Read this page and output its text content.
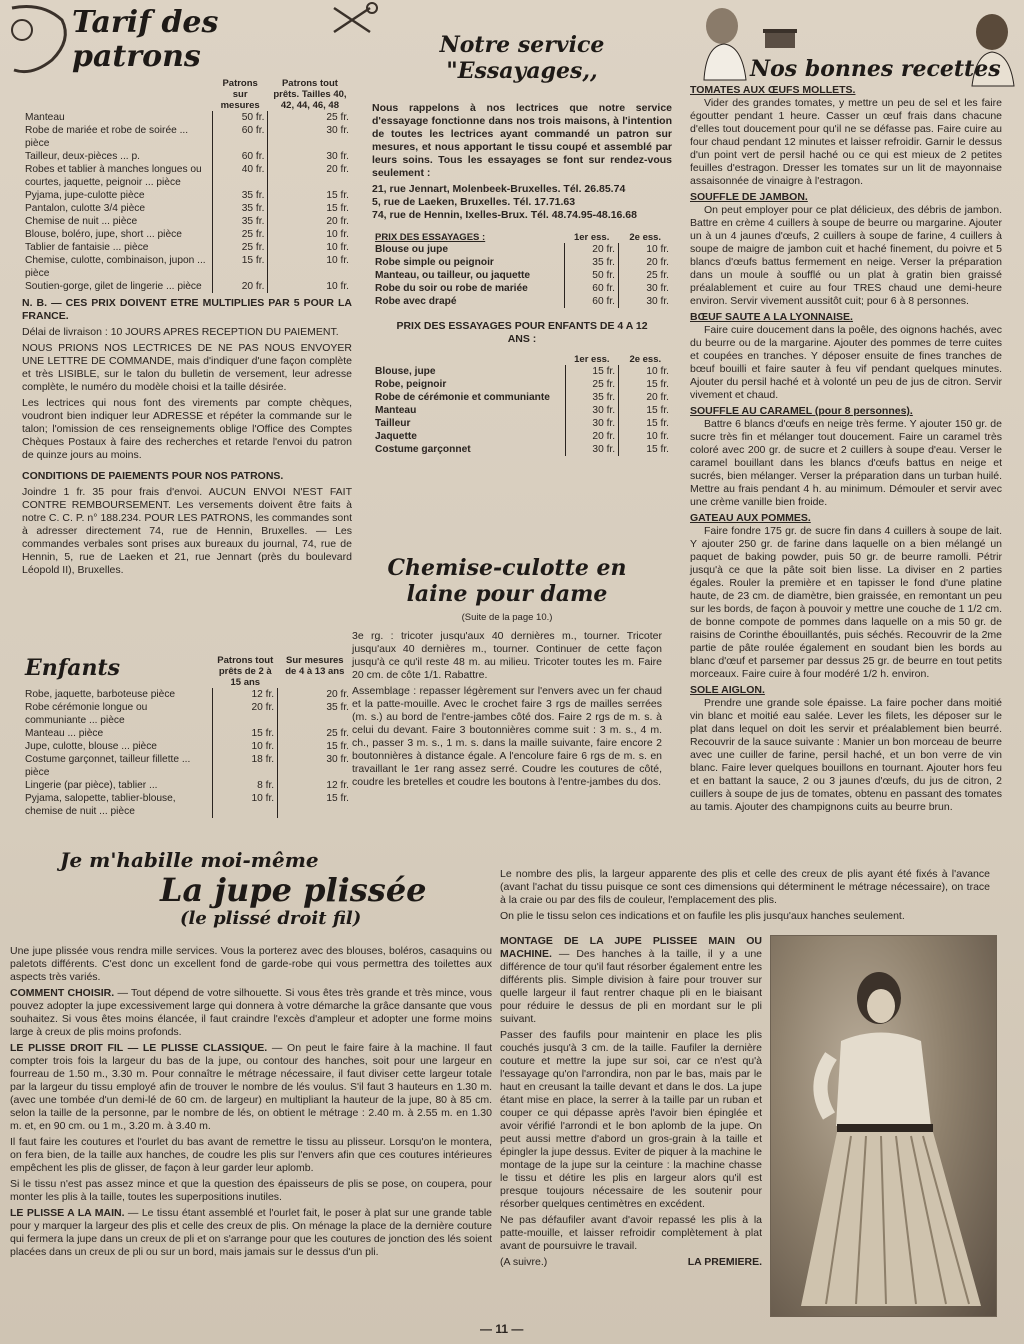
Tarif des patrons
	Patrons sur mesures	Patrons tout prêts. Tailles 40, 42, 44, 46, 48
Manteau	50 fr.	25 fr.
Robe de mariée et robe de soirée ... pièce	60 fr.	30 fr.
Tailleur, deux-pièces ... p.	60 fr.	30 fr.
Robes et tablier à manches longues ou courtes, jaquette, peignoir ... pièce	40 fr.	20 fr.
Pyjama, jupe-culotte pièce	35 fr.	15 fr.
Pantalon, culotte 3/4 pièce	35 fr.	15 fr.
Chemise de nuit ... pièce	35 fr.	20 fr.
Blouse, boléro, jupe, short ... pièce	25 fr.	10 fr.
Tablier de fantaisie ... pièce	25 fr.	10 fr.
Chemise, culotte, combinaison, jupon ... pièce	15 fr.	10 fr.
Soutien-gorge, gilet de lingerie ... pièce	20 fr.	10 fr.

N. B. — CES PRIX DOIVENT ETRE MULTIPLIES PAR 5 POUR LA FRANCE.

Délai de livraison : 10 JOURS APRES RECEPTION DU PAIEMENT.

NOUS PRIONS NOS LECTRICES DE NE PAS NOUS ENVOYER UNE LETTRE DE COMMANDE, mais d'indiquer d'une façon complète et très LISIBLE, sur le talon du bulletin de versement, leur adresse complète, le numéro du modèle choisi et la taille désirée.

Les lectrices qui nous font des virements par compte chèques, voudront bien indiquer leur ADRESSE et répéter la commande sur le talon; l'omission de ces renseignements oblige l'Office des Comptes Chèques Postaux à faire des recherches et retarde l'envoi du patron de quinze jours au moins.

CONDITIONS DE PAIEMENTS POUR NOS PATRONS.

Joindre 1 fr. 35 pour frais d'envoi. AUCUN ENVOI N'EST FAIT CONTRE REMBOURSEMENT. Les versements doivent être faits à notre C. C. P. n° 188.234. POUR LES PATRONS, les commandes sont à adresser directement 74, rue de Hennin, Bruxelles. — Les commandes verbales sont prises aux bureaux du journal, 74, rue de Hennin, 5, rue de Laeken et 21, rue Jennart (près du boulevard Léopold II), Bruxelles.

Enfants	Patrons tout prêts de 2 à 15 ans	Sur mesures de 4 à 13 ans
Robe, jaquette, barboteuse pièce	12 fr.	20 fr.
Robe cérémonie longue ou communiante ... pièce	20 fr.	35 fr.
Manteau ... pièce	15 fr.	25 fr.
Jupe, culotte, blouse ... pièce	10 fr.	15 fr.
Costume garçonnet, tailleur fillette ... pièce	18 fr.	30 fr.
Lingerie (par pièce), tablier ...	8 fr.	12 fr.
Pyjama, salopette, tablier-blouse, chemise de nuit ... pièce	10 fr.	15 fr.
Notre service
"Essayages,,

Nous rappelons à nos lectrices que notre service d'essayage fonctionne dans nos trois maisons, à l'intention de toutes les lectrices ayant commandé un patron sur mesures, et nous apportant le tissu coupé et assemblé par leurs soins. Tous les essayages se font sur rendez-vous seulement :

21, rue Jennart, Molenbeek-Bruxelles. Tél. 26.85.74
5, rue de Laeken, Bruxelles. Tél. 17.71.63
74, rue de Hennin, Ixelles-Brux. Tél. 48.74.95-48.16.68
PRIX DES ESSAYAGES :	1er ess.	2e ess.
Blouse ou jupe	20 fr.	10 fr.
Robe simple ou peignoir	35 fr.	20 fr.
Manteau, ou tailleur, ou jaquette	50 fr.	25 fr.
Robe du soir ou robe de mariée	60 fr.	30 fr.
Robe avec drapé	60 fr.	30 fr.

PRIX DES ESSAYAGES POUR ENFANTS DE 4 A 12 ANS :

	1er ess.	2e ess.
Blouse, jupe	15 fr.	10 fr.
Robe, peignoir	25 fr.	15 fr.
Robe de cérémonie et communiante	35 fr.	20 fr.
Manteau	30 fr.	15 fr.
Tailleur	30 fr.	15 fr.
Jaquette	20 fr.	10 fr.
Costume garçonnet	30 fr.	15 fr.
Chemise-culotte en
laine pour dame
(Suite de la page 10.)

3e rg. : tricoter jusqu'aux 40 dernières m., tourner. Tricoter jusqu'aux 40 dernières m., tourner. Continuer de cette façon jusqu'à ce qu'il reste 48 m. au milieu. Tricoter toutes les m. Faire 20 cm. de côte 1/1. Rabattre.

Assemblage : repasser légèrement sur l'envers avec un fer chaud et la patte-mouille. Avec le crochet faire 3 rgs de mailles serrées (m. s.) au bord de l'entre-jambes côté dos. Faire 2 rgs de m. s. à celui du devant. Faire 3 boutonnières comme suit : 3 m. s., 4 m. ch., passer 3 m. s., 1 m. s. dans la maille suivante, faire encore 2 boutonnières à distance égale. A l'encolure faire 6 rgs de m. s. en travaillant le 1er rang assez serré. Coudre les coutures de côté, coudre les bretelles et coudre les boutons à l'entre-jambes du dos.

Nos bonnes recettes
TOMATES AUX ŒUFS MOLLETS.

Vider des grandes tomates, y mettre un peu de sel et les faire égoutter pendant 1 heure. Casser un œuf frais dans chacune d'elles tout doucement pour qu'il ne se défasse pas. Faire cuire au four chaud pendant 12 minutes et laisser refroidir. Garnir le dessus d'un point vert de persil haché ou ce qui est mieux de 2 petites feuilles d'estragon. Dresser les tomates sur un lit de mayonnaise assaisonnée de vinaigre à l'estragon.

SOUFFLE DE JAMBON.

On peut employer pour ce plat délicieux, des débris de jambon. Battre en crème 4 cuillers à soupe de beurre ou margarine. Ajouter un à un 4 jaunes d'œufs, 2 cuillers à soupe de farine, 4 cuillers à soupe de maigre de jambon cuit et haché finement, du poivre et 5 blancs d'œufs battus fermement en neige. Verser la préparation dans un moule à soufflé ou un plat à gratin bien graissé préalablement et cuire au four TRES chaud une demi-heure environ. Servir vivement aussitôt cuit; pour 6 à 8 personnes.

BŒUF SAUTE A LA LYONNAISE.

Faire cuire doucement dans la poêle, des oignons hachés, avec du beurre ou de la margarine. Ajouter des pommes de terre cuites et coupées en tranches. Y déposer ensuite de fines tranches de bœuf bouilli et faire sauter à feu vif pendant quelques minutes. Ajouter du persil haché et à volonté un peu de jus de citron. Servir vivement et chaud.

SOUFFLE AU CARAMEL (pour 8 personnes).

Battre 6 blancs d'œufs en neige très ferme. Y ajouter 150 gr. de sucre très fin et mélanger tout doucement. Faire un caramel très coloré avec 200 gr. de sucre et 2 cuillers à soupe d'eau. Verser le caramel bouillant dans les blancs d'œufs battus en neige et sucrés, bien mélanger. Verser la préparation dans un turban huilé. Mettre au frais pendant 4 h. au minimum. Démouler et servir avec une crème vanille bien froide.

GATEAU AUX POMMES.

Faire fondre 175 gr. de sucre fin dans 4 cuillers à soupe de lait. Y ajouter 250 gr. de farine dans laquelle on a bien mélangé un paquet de baking powder, puis 50 gr. de beurre ramolli. Pétrir jusqu'à ce que la pâte soit bien lisse. La diviser en 2 parties égales. Rouler la première et en tapisser le fond d'une platine haute, de 23 cm. de diamètre, bien graissée, en remontant un peu sur les bords, de façon à pouvoir y mettre une couche de 1 1/2 cm. de bonne compote de pommes dans laquelle on a mis 50 gr. de raisins de Corinthe ébouillantés, puis séchés. Recouvrir de la 2me partie de pâte roulée également en soudant bien les bords au blanc d'œuf et parsemer par dessus 25 gr. de beurre en tout petits morceaux. Faire cuire à four modéré 1/2 h. environ.

SOLE AIGLON.

Prendre une grande sole épaisse. La faire pocher dans moitié vin blanc et moitié eau salée. Lever les filets, les déposer sur le plat dans lequel on doit les servir et préalablement bien beurré. Recouvrir de la sauce suivante : Manier un bon morceau de beurre avec une cuiller de farine, persil haché, et un bon verre de vin blanc. Faire lever quelques bouillons en tournant. Ajouter hors feu et en battant la sauce, 2 ou 3 jaunes d'œufs, du jus de citron, 2 cuillers à soupe de jus de tomates, obtenu en passant des tomates au tamis. Ajouter des champignons cuits au beurre brun.

Je m'habille moi-même
La jupe plissée
(le plissé droit fil)

Une jupe plissée vous rendra mille services. Vous la porterez avec des blouses, boléros, casaquins ou paletots différents. C'est donc un excellent fond de garde-robe qui vous permettra des toilettes aux aspects très variés.

COMMENT CHOISIR. — Tout dépend de votre silhouette. Si vous êtes très grande et très mince, vous pouvez adopter la jupe excessivement large qui donnera à votre démarche la grâce dansante que vous souhaitez. Si vous êtes moins élancée, il faut craindre l'excès d'ampleur et adopter une forme moins large à creux de plis moins profonds.

LE PLISSE DROIT FIL — LE PLISSE CLASSIQUE. — On peut le faire faire à la machine. Il faut compter trois fois la largeur du bas de la jupe, ou contour des hanches, soit pour une largeur en fourreau de 1.50 m., 3.30 m. Pour connaître le métrage nécessaire, il faut diviser cette largeur totale par la largeur du tissu employé afin de trouver le nombre de lés voulus. S'il faut 3 hauteurs en 1.30 m. (avec une tombée d'un demi-lé de 60 cm. de largeur) en multipliant la hauteur de la jupe, 80 à 85 cm. selon la taille de la personne, par le nombre de lés, on obtient le métrage : 2.40 m. à 2.55 m. en 1.30 m. et, en 90 cm. ou 1 m., 3.20 m. à 3.40 m.

Il faut faire les coutures et l'ourlet du bas avant de remettre le tissu au plisseur. Lorsqu'on le montera, on fera bien, de la taille aux hanches, de coudre les plis sur l'envers afin que ces coutures intérieures empêchent les plis de glisser, de façon à leur garder leur aplomb.

Si le tissu n'est pas assez mince et que la question des épaisseurs de plis se pose, on coupera, pour monter les plis à la taille, toutes les superpositions inutiles.

LE PLISSE A LA MAIN. — Le tissu étant assemblé et l'ourlet fait, le poser à plat sur une grande table pour y marquer la largeur des plis et celle des creux de plis. On ménage la place de la dernière couture qui fermera la jupe dans un creux de pli et on s'arrange pour que les coutures de jonction des lés soient placées dans un creux de pli ou sur un bord, mais jamais sur le dessus d'un pli.

Le nombre des plis, la largeur apparente des plis et celle des creux de plis ayant été fixés à l'avance (avant l'achat du tissu puisque ce sont ces dimensions qui déterminent le métrage nécessaire), on trace à la craie ou par des fils de couleur, l'emplacement des plis.

On plie le tissu selon ces indications et on faufile les plis jusqu'aux hanches seulement.

MONTAGE DE LA JUPE PLISSEE MAIN OU MACHINE. — Des hanches à la taille, il y a une différence de tour qu'il faut résorber également entre les différents plis. Simple division à faire pour trouver sur quelle largeur il faut rentrer chaque pli en le biaisant pour réduire le dessus de pli en mordant sur le pli suivant.

Passer des faufils pour maintenir en place les plis couchés jusqu'à 3 cm. de la taille. Faufiler la dernière couture et mettre la jupe sur soi, car ce n'est qu'à l'essayage qu'on l'arrondira, non par le bas, mais par le haut en creusant la taille devant et dans le dos. La jupe étant mise en place, la serrer à la taille par un ruban et couper ce qui dépasse après l'avoir bien épinglée et avoir vérifié l'arrondi et le bon aplomb de la jupe. On peut aussi mettre d'abord un gros-grain à la taille et épingler la jupe dessus. Eviter de piquer à la machine le montage de la jupe sur la ceinture : la machine chasse le tissu et détire les plis en largeur alors qu'il est presque toujours nécessaire de les soutenir pour résorber quelques centimètres en excédent.

Ne pas défaufiler avant d'avoir repassé les plis à la patte-mouille, et laisser refroidir complètement à plat avant de poursuivre le travail.

(A suivre.)	LA PREMIERE.
— 11 —
